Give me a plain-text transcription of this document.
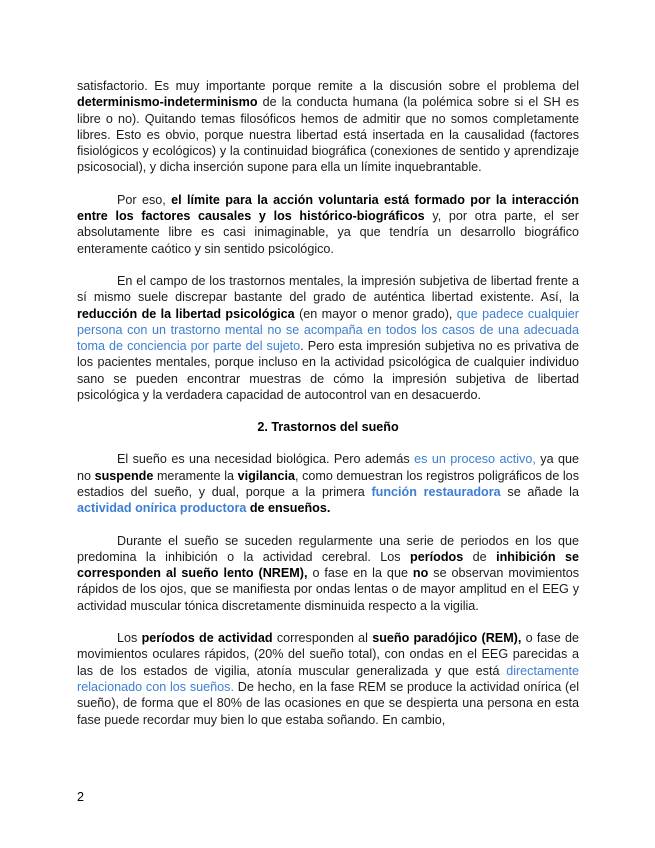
satisfactorio. Es muy importante porque remite a la discusión sobre el problema del determinismo-indeterminismo de la conducta humana (la polémica sobre si el SH es libre o no). Quitando temas filosóficos hemos de admitir que no somos completamente libres. Esto es obvio, porque nuestra libertad está insertada en la causalidad (factores fisiológicos y ecológicos) y la continuidad biográfica (conexiones de sentido y aprendizaje psicosocial), y dicha inserción supone para ella un límite inquebrantable.

Por eso, el límite para la acción voluntaria está formado por la interacción entre los factores causales y los histórico-biográficos y, por otra parte, el ser absolutamente libre es casi inimaginable, ya que tendría un desarrollo biográfico enteramente caótico y sin sentido psicológico.

En el campo de los trastornos mentales, la impresión subjetiva de libertad frente a sí mismo suele discrepar bastante del grado de auténtica libertad existente. Así, la reducción de la libertad psicológica (en mayor o menor grado), que padece cualquier persona con un trastorno mental no se acompaña en todos los casos de una adecuada toma de conciencia por parte del sujeto. Pero esta impresión subjetiva no es privativa de los pacientes mentales, porque incluso en la actividad psicológica de cualquier individuo sano se pueden encontrar muestras de cómo la impresión subjetiva de libertad psicológica y la verdadera capacidad de autocontrol van en desacuerdo.

2. Trastornos del sueño

El sueño es una necesidad biológica. Pero además es un proceso activo, ya que no suspende meramente la vigilancia, como demuestran los registros poligráficos de los estadios del sueño, y dual, porque a la primera función restauradora se añade la actividad onírica productora de ensueños.

Durante el sueño se suceden regularmente una serie de periodos en los que predomina la inhibición o la actividad cerebral. Los períodos de inhibición se corresponden al sueño lento (NREM), o fase en la que no se observan movimientos rápidos de los ojos, que se manifiesta por ondas lentas o de mayor amplitud en el EEG y actividad muscular tónica discretamente disminuida respecto a la vigilia.

Los períodos de actividad corresponden al sueño paradójico (REM), o fase de movimientos oculares rápidos, (20% del sueño total), con ondas en el EEG parecidas a las de los estados de vigilia, atonía muscular generalizada y que está directamente relacionado con los sueños. De hecho, en la fase REM se produce la actividad onírica (el sueño), de forma que el 80% de las ocasiones en que se despierta una persona en esta fase puede recordar muy bien lo que estaba soñando. En cambio,

2
